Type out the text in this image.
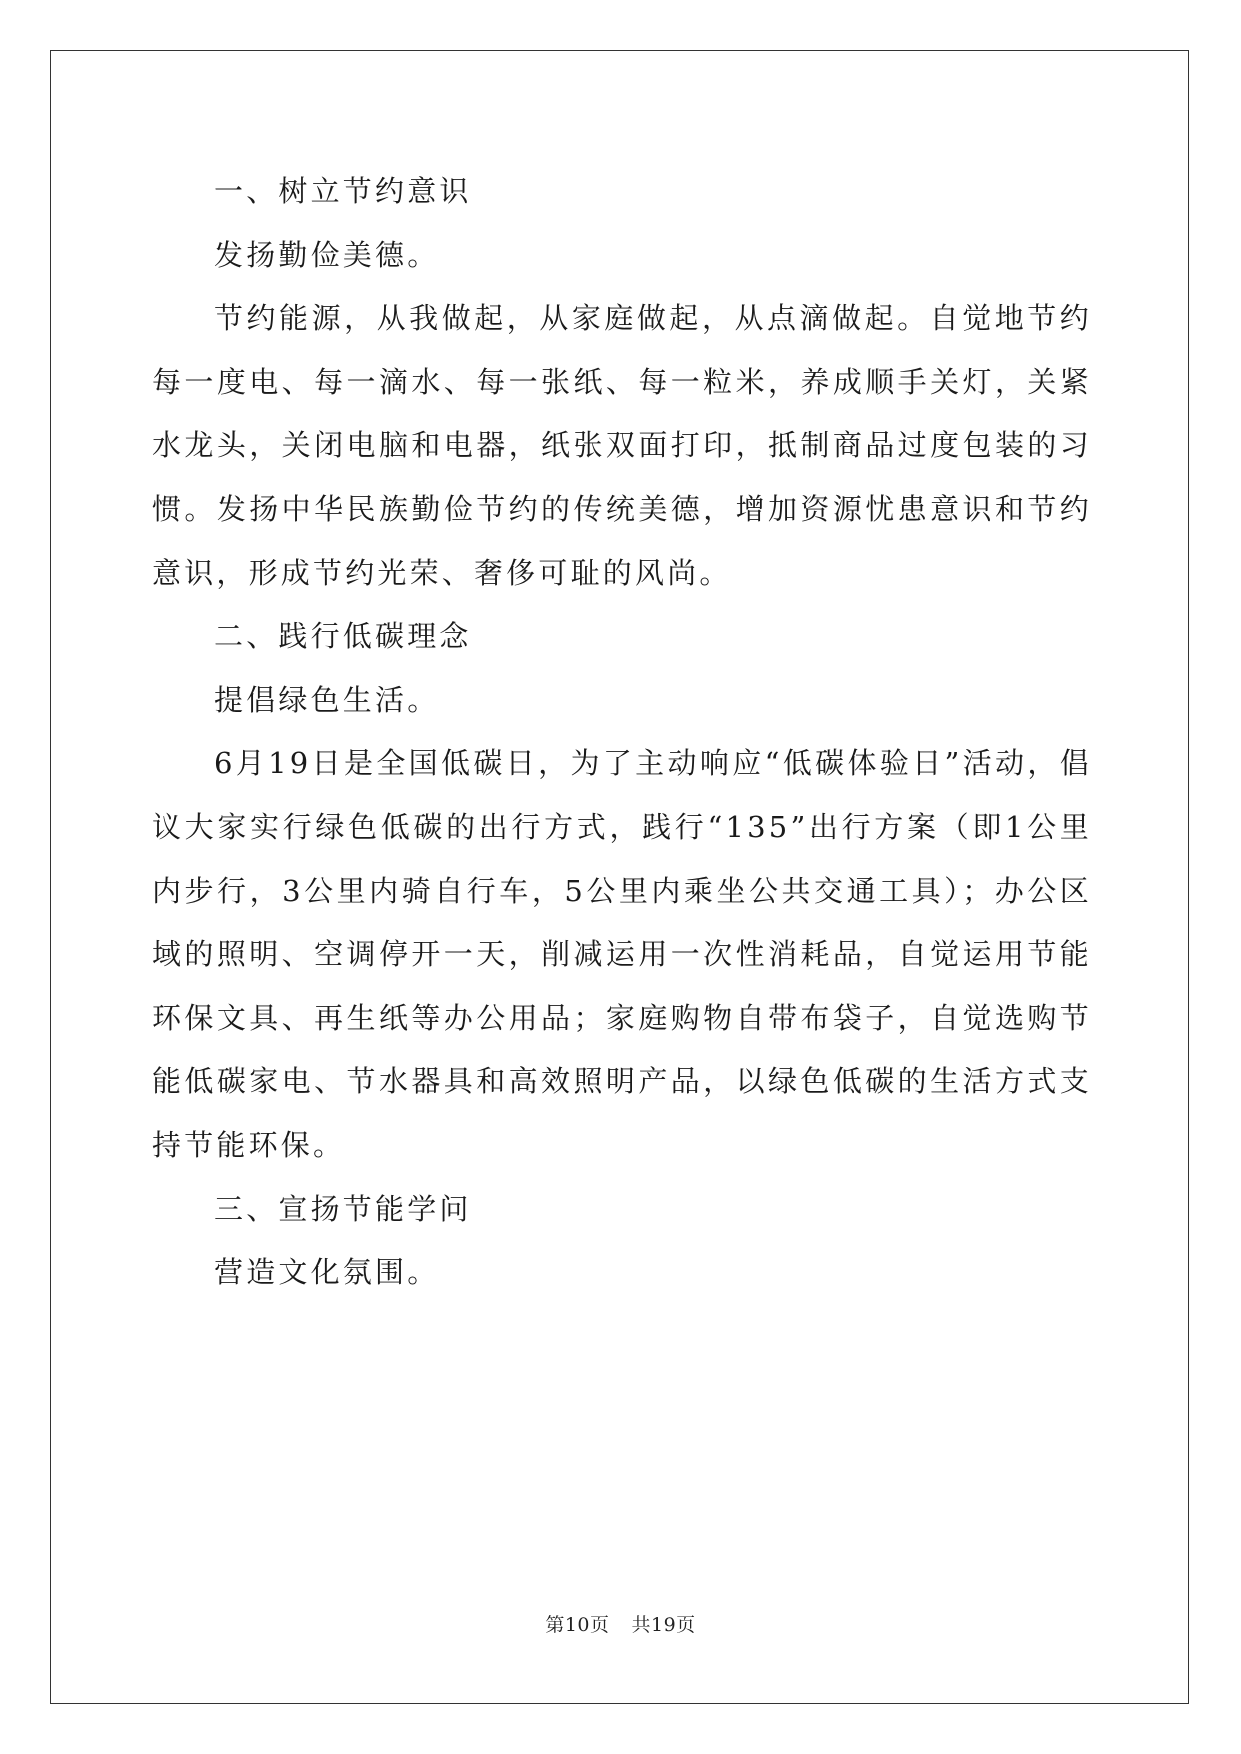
一、树立节约意识

发扬勤俭美德。

节约能源，从我做起，从家庭做起，从点滴做起。自觉地节约每一度电、每一滴水、每一张纸、每一粒米，养成顺手关灯，关紧水龙头，关闭电脑和电器，纸张双面打印，抵制商品过度包装的习惯。发扬中华民族勤俭节约的传统美德，增加资源忧患意识和节约意识，形成节约光荣、奢侈可耻的风尚。

二、践行低碳理念

提倡绿色生活。

6月19日是全国低碳日，为了主动响应“低碳体验日”活动，倡议大家实行绿色低碳的出行方式，践行“135”出行方案（即1公里内步行，3公里内骑自行车，5公里内乘坐公共交通工具）；办公区域的照明、空调停开一天，削减运用一次性消耗品，自觉运用节能环保文具、再生纸等办公用品；家庭购物自带布袋子，自觉选购节能低碳家电、节水器具和高效照明产品，以绿色低碳的生活方式支持节能环保。

三、宣扬节能学问

营造文化氛围。

第10页 共19页
